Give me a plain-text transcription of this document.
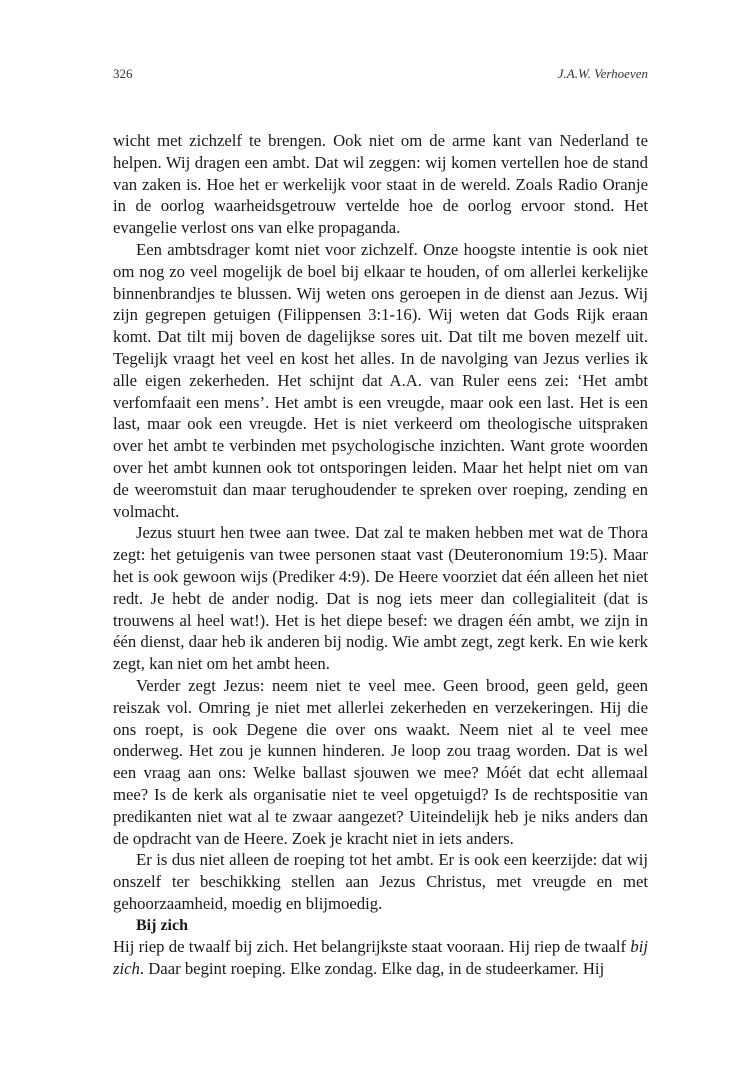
326	J.A.W. Verhoeven

wicht met zichzelf te brengen. Ook niet om de arme kant van Nederland te helpen. Wij dragen een ambt. Dat wil zeggen: wij komen vertellen hoe de stand van zaken is. Hoe het er werkelijk voor staat in de wereld. Zoals Radio Oranje in de oorlog waarheidsgetrouw vertelde hoe de oorlog ervoor stond. Het evangelie verlost ons van elke propaganda.

Een ambtsdrager komt niet voor zichzelf. Onze hoogste intentie is ook niet om nog zo veel mogelijk de boel bij elkaar te houden, of om allerlei kerkelijke binnenbrandjes te blussen. Wij weten ons geroepen in de dienst aan Jezus. Wij zijn gegrepen getuigen (Filippensen 3:1-16). Wij weten dat Gods Rijk eraan komt. Dat tilt mij boven de dagelijkse sores uit. Dat tilt me boven mezelf uit. Tegelijk vraagt het veel en kost het alles. In de navolging van Jezus verlies ik alle eigen zekerheden. Het schijnt dat A.A. van Ruler eens zei: ‘Het ambt verfomfaait een mens’. Het ambt is een vreugde, maar ook een last. Het is een last, maar ook een vreugde. Het is niet verkeerd om theologische uitspraken over het ambt te verbinden met psychologische inzichten. Want grote woorden over het ambt kunnen ook tot ontsporingen leiden. Maar het helpt niet om van de weeromstuit dan maar terughoudender te spreken over roeping, zending en volmacht.

Jezus stuurt hen twee aan twee. Dat zal te maken hebben met wat de Thora zegt: het getuigenis van twee personen staat vast (Deuteronomium 19:5). Maar het is ook gewoon wijs (Prediker 4:9). De Heere voorziet dat één alleen het niet redt. Je hebt de ander nodig. Dat is nog iets meer dan collegialiteit (dat is trouwens al heel wat!). Het is het diepe besef: we dragen één ambt, we zijn in één dienst, daar heb ik anderen bij nodig. Wie ambt zegt, zegt kerk. En wie kerk zegt, kan niet om het ambt heen.

Verder zegt Jezus: neem niet te veel mee. Geen brood, geen geld, geen reiszak vol. Omring je niet met allerlei zekerheden en verzekeringen. Hij die ons roept, is ook Degene die over ons waakt. Neem niet al te veel mee onderweg. Het zou je kunnen hinderen. Je loop zou traag worden. Dat is wel een vraag aan ons: Welke ballast sjouwen we mee? Móét dat echt allemaal mee? Is de kerk als organisatie niet te veel opgetuigd? Is de rechtspositie van predikanten niet wat al te zwaar aangezet? Uiteindelijk heb je niks anders dan de opdracht van de Heere. Zoek je kracht niet in iets anders.

Er is dus niet alleen de roeping tot het ambt. Er is ook een keerzijde: dat wij onszelf ter beschikking stellen aan Jezus Christus, met vreugde en met gehoorzaamheid, moedig en blijmoedig.

Bij zich

Hij riep de twaalf bij zich. Het belangrijkste staat vooraan. Hij riep de twaalf bij zich. Daar begint roeping. Elke zondag. Elke dag, in de studeerkamer. Hij
